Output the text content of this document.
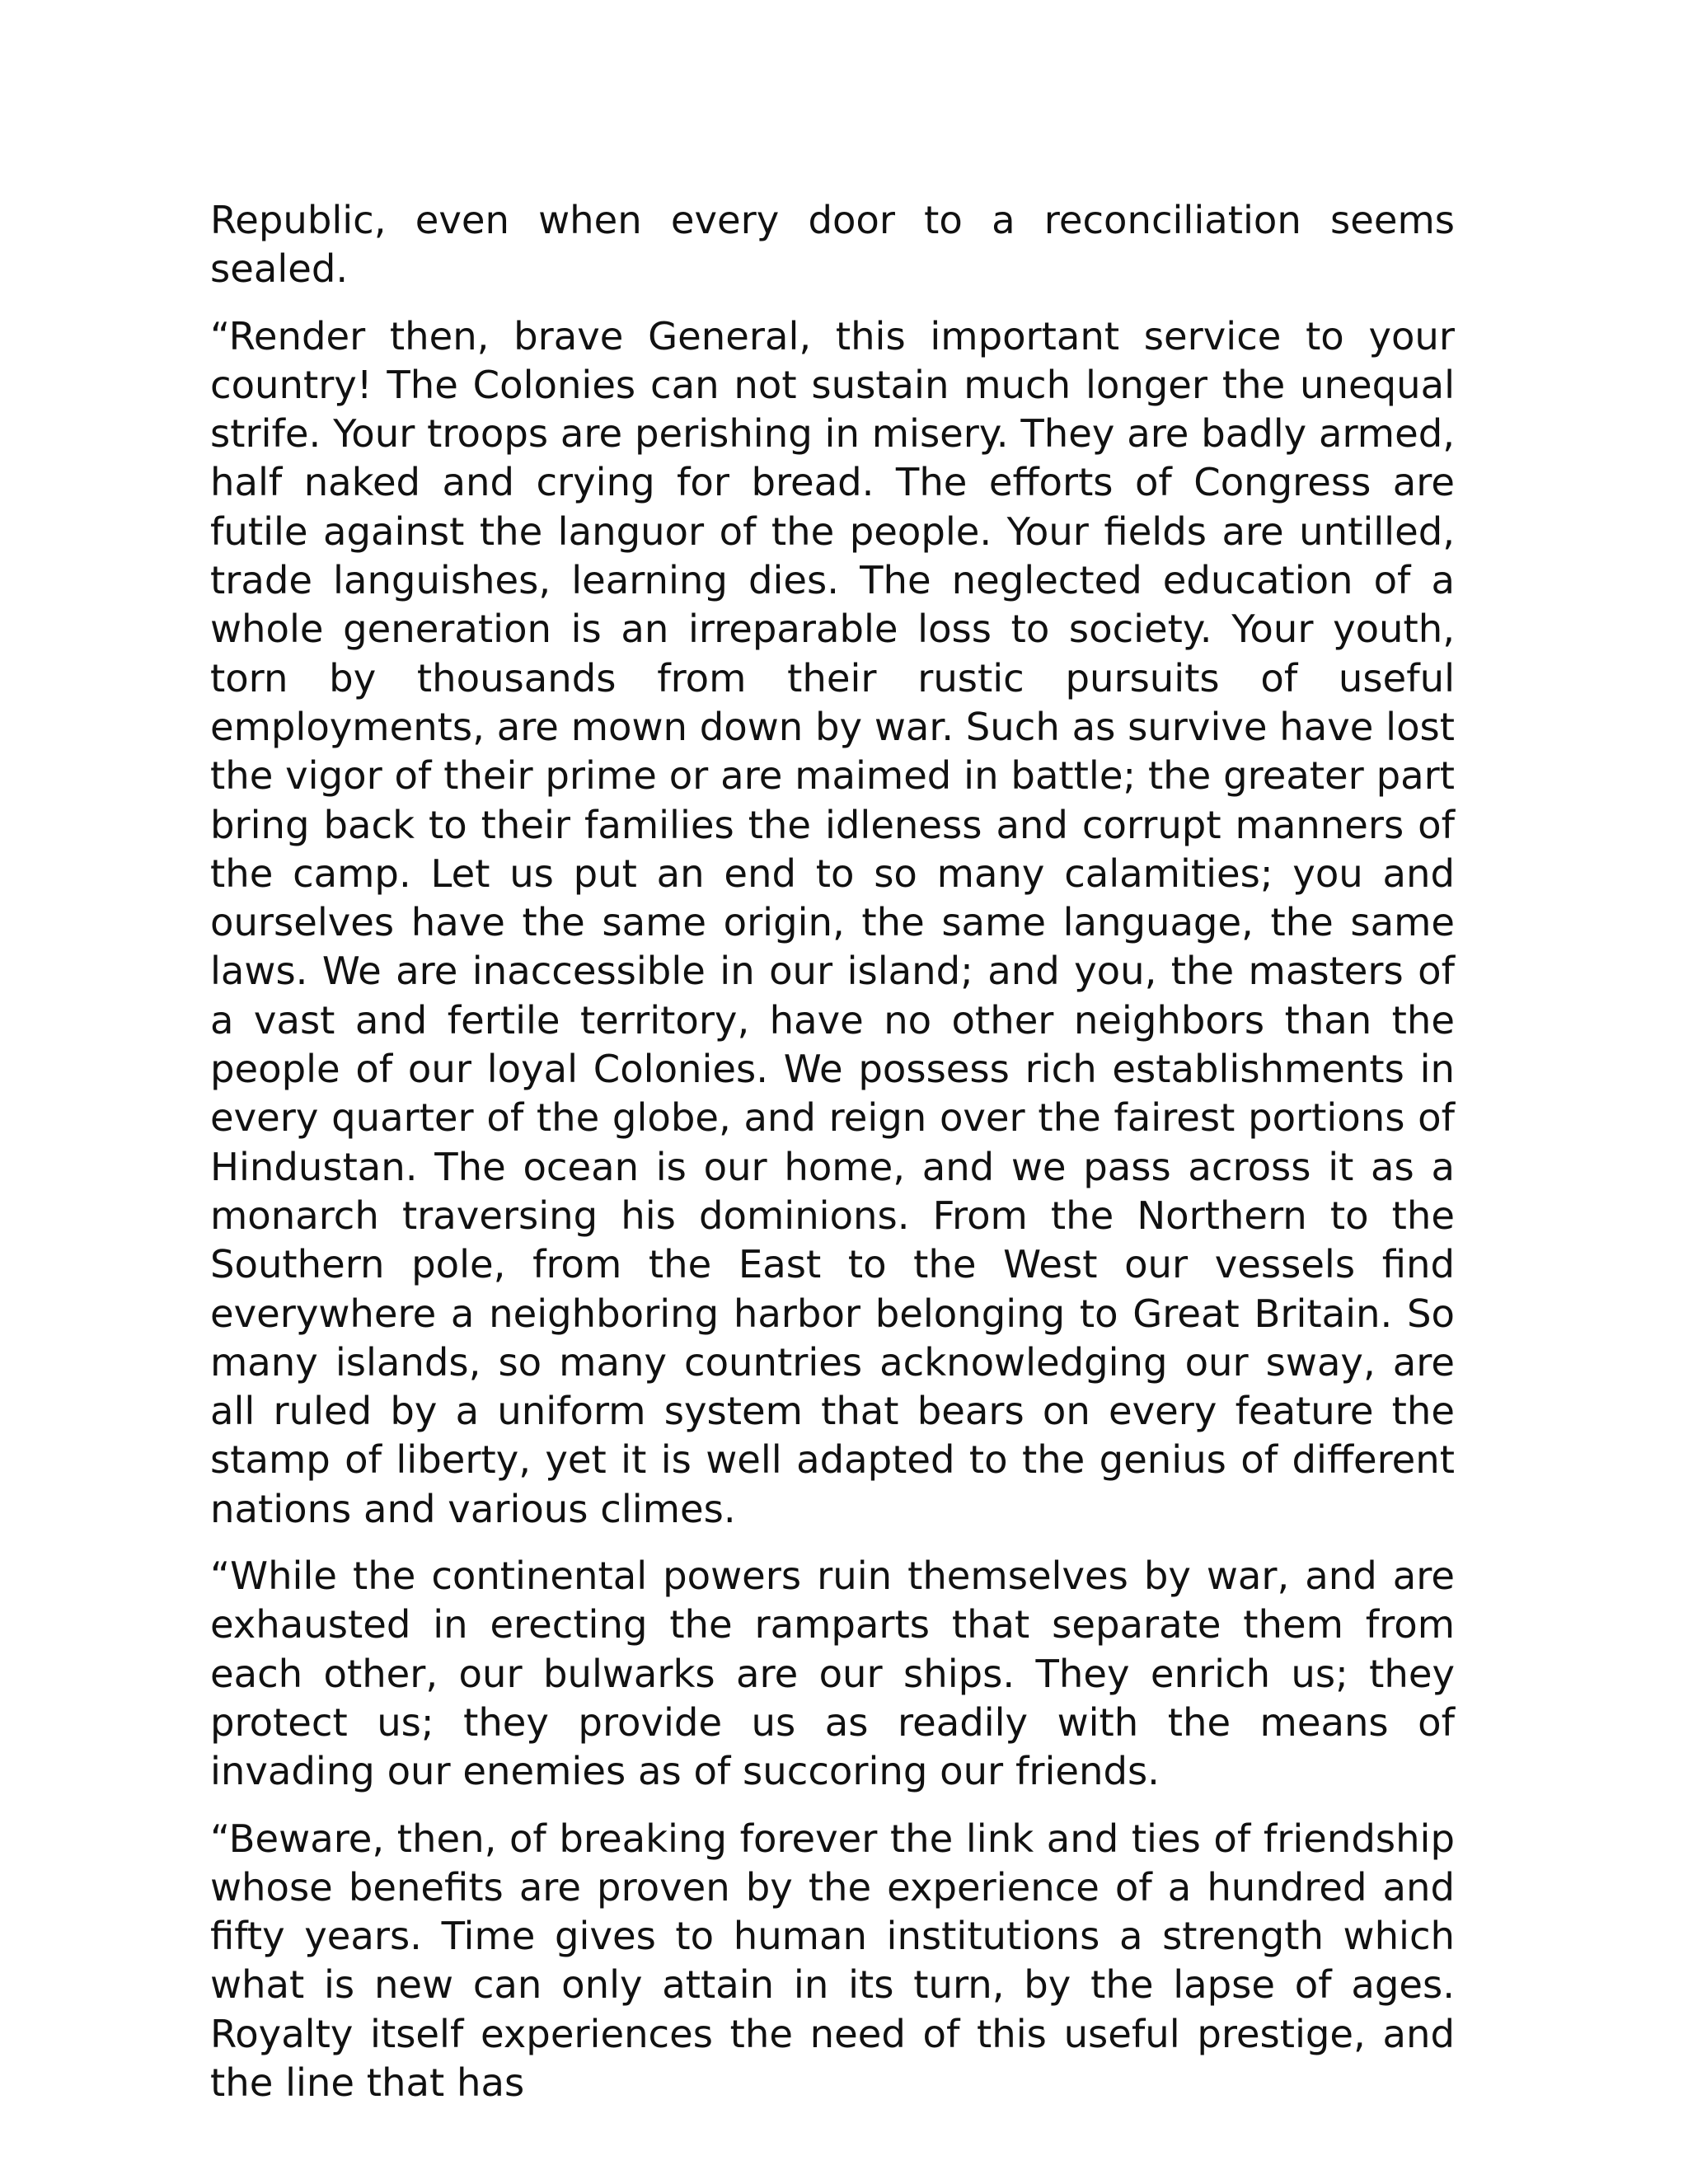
Republic, even when every door to a reconciliation seems sealed.

“Render then, brave General, this important service to your country! The Colonies can not sustain much longer the unequal strife. Your troops are perishing in misery. They are badly armed, half naked and crying for bread. The efforts of Congress are futile against the languor of the people. Your fields are untilled, trade languishes, learning dies. The neglected education of a whole generation is an irreparable loss to society. Your youth, torn by thousands from their rustic pursuits of useful employments, are mown down by war. Such as survive have lost the vigor of their prime or are maimed in battle; the greater part bring back to their families the idleness and corrupt manners of the camp. Let us put an end to so many calamities; you and ourselves have the same origin, the same language, the same laws. We are inaccessible in our island; and you, the masters of a vast and fertile territory, have no other neighbors than the people of our loyal Colonies. We possess rich establishments in every quarter of the globe, and reign over the fairest portions of Hindustan. The ocean is our home, and we pass across it as a monarch traversing his dominions. From the Northern to the Southern pole, from the East to the West our vessels find everywhere a neighboring harbor belonging to Great Britain. So many islands, so many countries acknowledging our sway, are all ruled by a uniform system that bears on every feature the stamp of liberty, yet it is well adapted to the genius of different nations and various climes.

“While the continental powers ruin themselves by war, and are exhausted in erecting the ramparts that separate them from each other, our bulwarks are our ships. They enrich us; they protect us; they provide us as readily with the means of invading our enemies as of succoring our friends.

“Beware, then, of breaking forever the link and ties of friendship whose benefits are proven by the experience of a hundred and fifty years. Time gives to human institutions a strength which what is new can only attain in its turn, by the lapse of ages. Royalty itself experiences the need of this useful prestige, and the line that has
